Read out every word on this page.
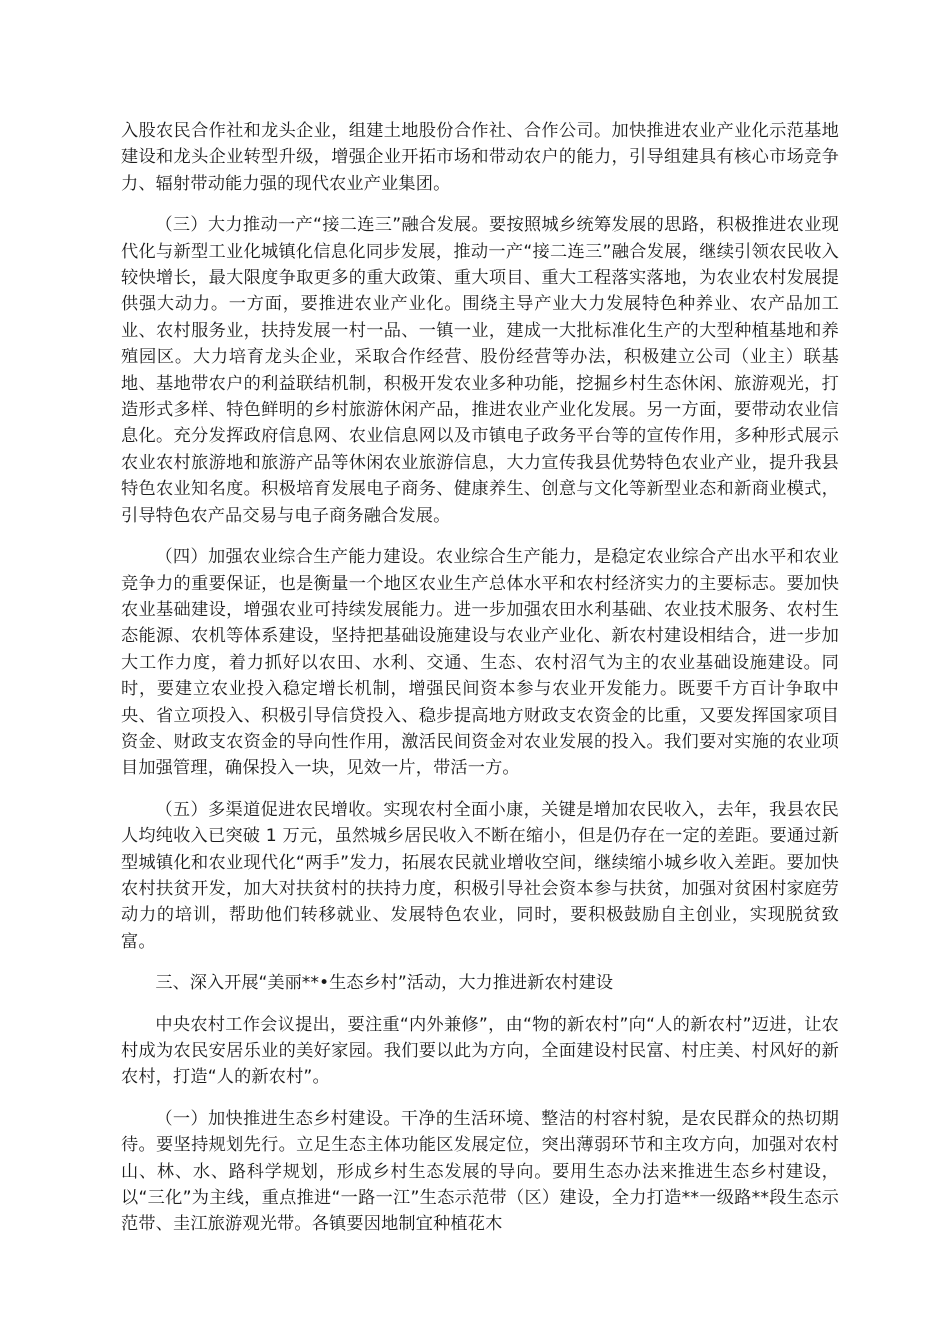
入股农民合作社和龙头企业，组建土地股份合作社、合作公司。加快推进农业产业化示范基地建设和龙头企业转型升级，增强企业开拓市场和带动农户的能力，引导组建具有核心市场竞争力、辐射带动能力强的现代农业产业集团。

（三）大力推动一产“接二连三”融合发展。要按照城乡统筹发展的思路，积极推进农业现代化与新型工业化城镇化信息化同步发展，推动一产“接二连三”融合发展，继续引领农民收入较快增长，最大限度争取更多的重大政策、重大项目、重大工程落实落地，为农业农村发展提供强大动力。一方面，要推进农业产业化。围绕主导产业大力发展特色种养业、农产品加工业、农村服务业，扶持发展一村一品、一镇一业，建成一大批标准化生产的大型种植基地和养殖园区。大力培育龙头企业，采取合作经营、股份经营等办法，积极建立公司（业主）联基地、基地带农户的利益联结机制，积极开发农业多种功能，挖掘乡村生态休闲、旅游观光，打造形式多样、特色鲜明的乡村旅游休闲产品，推进农业产业化发展。另一方面，要带动农业信息化。充分发挥政府信息网、农业信息网以及市镇电子政务平台等的宣传作用，多种形式展示农业农村旅游地和旅游产品等休闲农业旅游信息，大力宣传我县优势特色农业产业，提升我县特色农业知名度。积极培育发展电子商务、健康养生、创意与文化等新型业态和新商业模式，引导特色农产品交易与电子商务融合发展。

（四）加强农业综合生产能力建设。农业综合生产能力，是稳定农业综合产出水平和农业竞争力的重要保证，也是衡量一个地区农业生产总体水平和农村经济实力的主要标志。要加快农业基础建设，增强农业可持续发展能力。进一步加强农田水利基础、农业技术服务、农村生态能源、农机等体系建设，坚持把基础设施建设与农业产业化、新农村建设相结合，进一步加大工作力度，着力抓好以农田、水利、交通、生态、农村沼气为主的农业基础设施建设。同时，要建立农业投入稳定增长机制，增强民间资本参与农业开发能力。既要千方百计争取中央、省立项投入、积极引导信贷投入、稳步提高地方财政支农资金的比重，又要发挥国家项目资金、财政支农资金的导向性作用，激活民间资金对农业发展的投入。我们要对实施的农业项目加强管理，确保投入一块，见效一片，带活一方。

（五）多渠道促进农民增收。实现农村全面小康，关键是增加农民收入，去年，我县农民人均纯收入已突破 1 万元，虽然城乡居民收入不断在缩小，但是仍存在一定的差距。要通过新型城镇化和农业现代化“两手”发力，拓展农民就业增收空间，继续缩小城乡收入差距。要加快农村扶贫开发，加大对扶贫村的扶持力度，积极引导社会资本参与扶贫，加强对贫困村家庭劳动力的培训，帮助他们转移就业、发展特色农业，同时，要积极鼓励自主创业，实现脱贫致富。

三、深入开展“美丽**•生态乡村”活动，大力推进新农村建设

中央农村工作会议提出，要注重“内外兼修”，由“物的新农村”向“人的新农村”迈进，让农村成为农民安居乐业的美好家园。我们要以此为方向，全面建设村民富、村庄美、村风好的新农村，打造“人的新农村”。

（一）加快推进生态乡村建设。干净的生活环境、整洁的村容村貌，是农民群众的热切期待。要坚持规划先行。立足生态主体功能区发展定位，突出薄弱环节和主攻方向，加强对农村山、林、水、路科学规划，形成乡村生态发展的导向。要用生态办法来推进生态乡村建设，以“三化”为主线，重点推进“一路一江”生态示范带（区）建设，全力打造**一级路**段生态示范带、圭江旅游观光带。各镇要因地制宜种植花木
